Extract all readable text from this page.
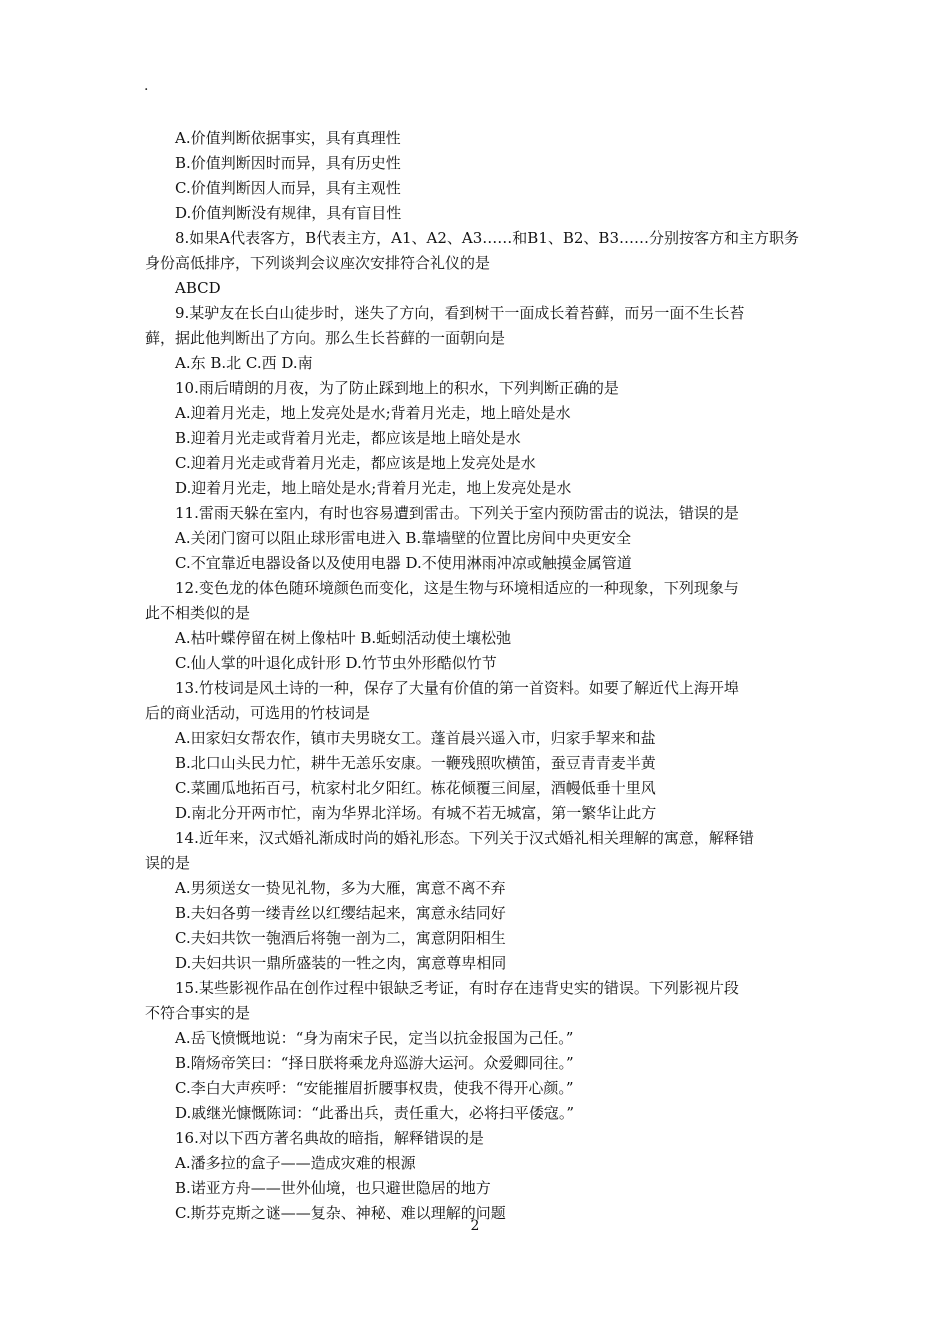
.
A.价值判断依据事实，具有真理性
B.价值判断因时而异，具有历史性
C.价值判断因人而异，具有主观性
D.价值判断没有规律，具有盲目性
8.如果A代表客方，B代表主方，A1、A2、A3……和B1、B2、B3……分别按客方和主方职务
身份高低排序，下列谈判会议座次安排符合礼仪的是
ABCD
9.某驴友在长白山徒步时，迷失了方向，看到树干一面成长着苔藓，而另一面不生长苔
藓，据此他判断出了方向。那么生长苔藓的一面朝向是
A.东 B.北 C.西 D.南
10.雨后晴朗的月夜，为了防止踩到地上的积水，下列判断正确的是
A.迎着月光走，地上发亮处是水;背着月光走，地上暗处是水
B.迎着月光走或背着月光走，都应该是地上暗处是水
C.迎着月光走或背着月光走，都应该是地上发亮处是水
D.迎着月光走，地上暗处是水;背着月光走，地上发亮处是水
11.雷雨天躲在室内，有时也容易遭到雷击。下列关于室内预防雷击的说法，错误的是
A.关闭门窗可以阻止球形雷电进入 B.靠墙壁的位置比房间中央更安全
C.不宜靠近电器设备以及使用电器 D.不使用淋雨冲凉或触摸金属管道
12.变色龙的体色随环境颜色而变化，这是生物与环境相适应的一种现象，下列现象与
此不相类似的是
A.枯叶蝶停留在树上像枯叶 B.蚯蚓活动使土壤松弛
C.仙人掌的叶退化成针形 D.竹节虫外形酷似竹节
13.竹枝词是风土诗的一种，保存了大量有价值的第一首资料。如要了解近代上海开埠
后的商业活动，可选用的竹枝词是
A.田家妇女帮农作，镇市夫男晓女工。蓬首晨兴遥入市，归家手挈来和盐
B.北口山头民力忙，耕牛无恙乐安康。一鞭残照吹横笛，蚕豆青青麦半黄
C.菜圃瓜地拓百弓，杭家村北夕阳红。栋花倾覆三间屋，酒幔低垂十里风
D.南北分开两市忙，南为华界北洋场。有城不若无城富，第一繁华让此方
14.近年来，汉式婚礼渐成时尚的婚礼形态。下列关于汉式婚礼相关理解的寓意，解释错
误的是
A.男须送女一贽见礼物，多为大雁，寓意不离不弃
B.夫妇各剪一缕青丝以红缨结起来，寓意永结同好
C.夫妇共饮一匏酒后将匏一剖为二，寓意阴阳相生
D.夫妇共识一鼎所盛装的一牲之肉，寓意尊卑相同
15.某些影视作品在创作过程中银缺乏考证，有时存在违背史实的错误。下列影视片段
不符合事实的是
A.岳飞愤慨地说：“身为南宋子民，定当以抗金报国为己任。”
B.隋炀帝笑曰：“择日朕将乘龙舟巡游大运河。众爱卿同往。”
C.李白大声疾呼：“安能摧眉折腰事权贵，使我不得开心颜。”
D.戚继光慷慨陈词：“此番出兵，责任重大，必将扫平倭寇。”
16.对以下西方著名典故的暗指，解释错误的是
A.潘多拉的盒子——造成灾难的根源
B.诺亚方舟——世外仙境，也只避世隐居的地方
C.斯芬克斯之谜——复杂、神秘、难以理解的问题
2
